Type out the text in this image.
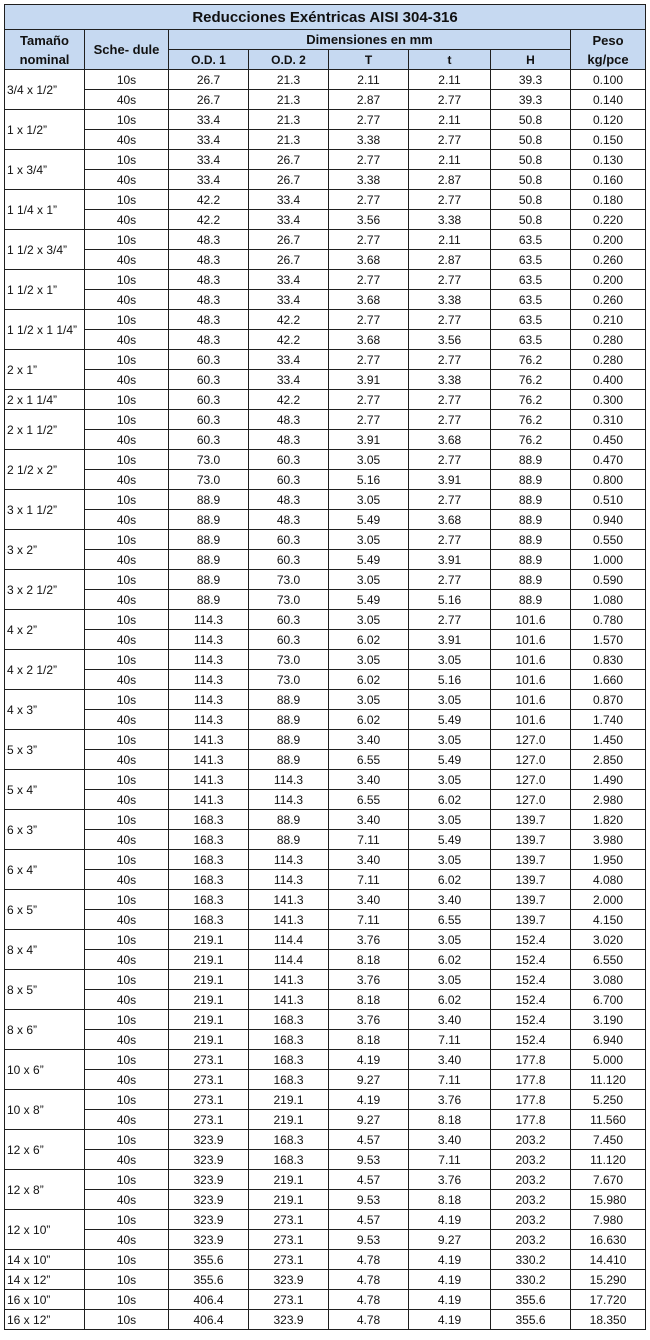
Reducciones Exéntricas AISI 304-316							
Tamaño nominal	Sche- dule	Dimensiones en mm					Peso kg/pce
		O.D. 1	O.D. 2	T	t	H	
3/4 x 1/2”	10s	26.7	21.3	2.11	2.11	39.3	0.100
	40s	26.7	21.3	2.87	2.77	39.3	0.140
1 x 1/2”	10s	33.4	21.3	2.77	2.11	50.8	0.120
	40s	33.4	21.3	3.38	2.77	50.8	0.150
1 x 3/4”	10s	33.4	26.7	2.77	2.11	50.8	0.130
	40s	33.4	26.7	3.38	2.87	50.8	0.160
1 1/4 x 1”	10s	42.2	33.4	2.77	2.77	50.8	0.180
	40s	42.2	33.4	3.56	3.38	50.8	0.220
1 1/2 x 3/4”	10s	48.3	26.7	2.77	2.11	63.5	0.200
	40s	48.3	26.7	3.68	2.87	63.5	0.260
1 1/2 x 1”	10s	48.3	33.4	2.77	2.77	63.5	0.200
	40s	48.3	33.4	3.68	3.38	63.5	0.260
1 1/2 x 1 1/4”	10s	48.3	42.2	2.77	2.77	63.5	0.210
	40s	48.3	42.2	3.68	3.56	63.5	0.280
2 x 1”	10s	60.3	33.4	2.77	2.77	76.2	0.280
	40s	60.3	33.4	3.91	3.38	76.2	0.400
2 x 1 1/4”	10s	60.3	42.2	2.77	2.77	76.2	0.300
2 x 1 1/2”	10s	60.3	48.3	2.77	2.77	76.2	0.310
	40s	60.3	48.3	3.91	3.68	76.2	0.450
2 1/2 x 2”	10s	73.0	60.3	3.05	2.77	88.9	0.470
	40s	73.0	60.3	5.16	3.91	88.9	0.800
3 x 1 1/2”	10s	88.9	48.3	3.05	2.77	88.9	0.510
	40s	88.9	48.3	5.49	3.68	88.9	0.940
3 x 2”	10s	88.9	60.3	3.05	2.77	88.9	0.550
	40s	88.9	60.3	5.49	3.91	88.9	1.000
3 x 2 1/2”	10s	88.9	73.0	3.05	2.77	88.9	0.590
	40s	88.9	73.0	5.49	5.16	88.9	1.080
4 x 2”	10s	114.3	60.3	3.05	2.77	101.6	0.780
	40s	114.3	60.3	6.02	3.91	101.6	1.570
4 x 2 1/2”	10s	114.3	73.0	3.05	3.05	101.6	0.830
	40s	114.3	73.0	6.02	5.16	101.6	1.660
4 x 3”	10s	114.3	88.9	3.05	3.05	101.6	0.870
	40s	114.3	88.9	6.02	5.49	101.6	1.740
5 x 3”	10s	141.3	88.9	3.40	3.05	127.0	1.450
	40s	141.3	88.9	6.55	5.49	127.0	2.850
5 x 4”	10s	141.3	114.3	3.40	3.05	127.0	1.490
	40s	141.3	114.3	6.55	6.02	127.0	2.980
6 x 3”	10s	168.3	88.9	3.40	3.05	139.7	1.820
	40s	168.3	88.9	7.11	5.49	139.7	3.980
6 x 4”	10s	168.3	114.3	3.40	3.05	139.7	1.950
	40s	168.3	114.3	7.11	6.02	139.7	4.080
6 x 5”	10s	168.3	141.3	3.40	3.40	139.7	2.000
	40s	168.3	141.3	7.11	6.55	139.7	4.150
8 x 4”	10s	219.1	114.4	3.76	3.05	152.4	3.020
	40s	219.1	114.4	8.18	6.02	152.4	6.550
8 x 5”	10s	219.1	141.3	3.76	3.05	152.4	3.080
	40s	219.1	141.3	8.18	6.02	152.4	6.700
8 x 6”	10s	219.1	168.3	3.76	3.40	152.4	3.190
	40s	219.1	168.3	8.18	7.11	152.4	6.940
10 x 6”	10s	273.1	168.3	4.19	3.40	177.8	5.000
	40s	273.1	168.3	9.27	7.11	177.8	11.120
10 x 8”	10s	273.1	219.1	4.19	3.76	177.8	5.250
	40s	273.1	219.1	9.27	8.18	177.8	11.560
12 x 6”	10s	323.9	168.3	4.57	3.40	203.2	7.450
	40s	323.9	168.3	9.53	7.11	203.2	11.120
12 x 8”	10s	323.9	219.1	4.57	3.76	203.2	7.670
	40s	323.9	219.1	9.53	8.18	203.2	15.980
12 x 10”	10s	323.9	273.1	4.57	4.19	203.2	7.980
	40s	323.9	273.1	9.53	9.27	203.2	16.630
14 x 10”	10s	355.6	273.1	4.78	4.19	330.2	14.410
14 x 12”	10s	355.6	323.9	4.78	4.19	330.2	15.290
16 x 10”	10s	406.4	273.1	4.78	4.19	355.6	17.720
16 x 12”	10s	406.4	323.9	4.78	4.19	355.6	18.350
